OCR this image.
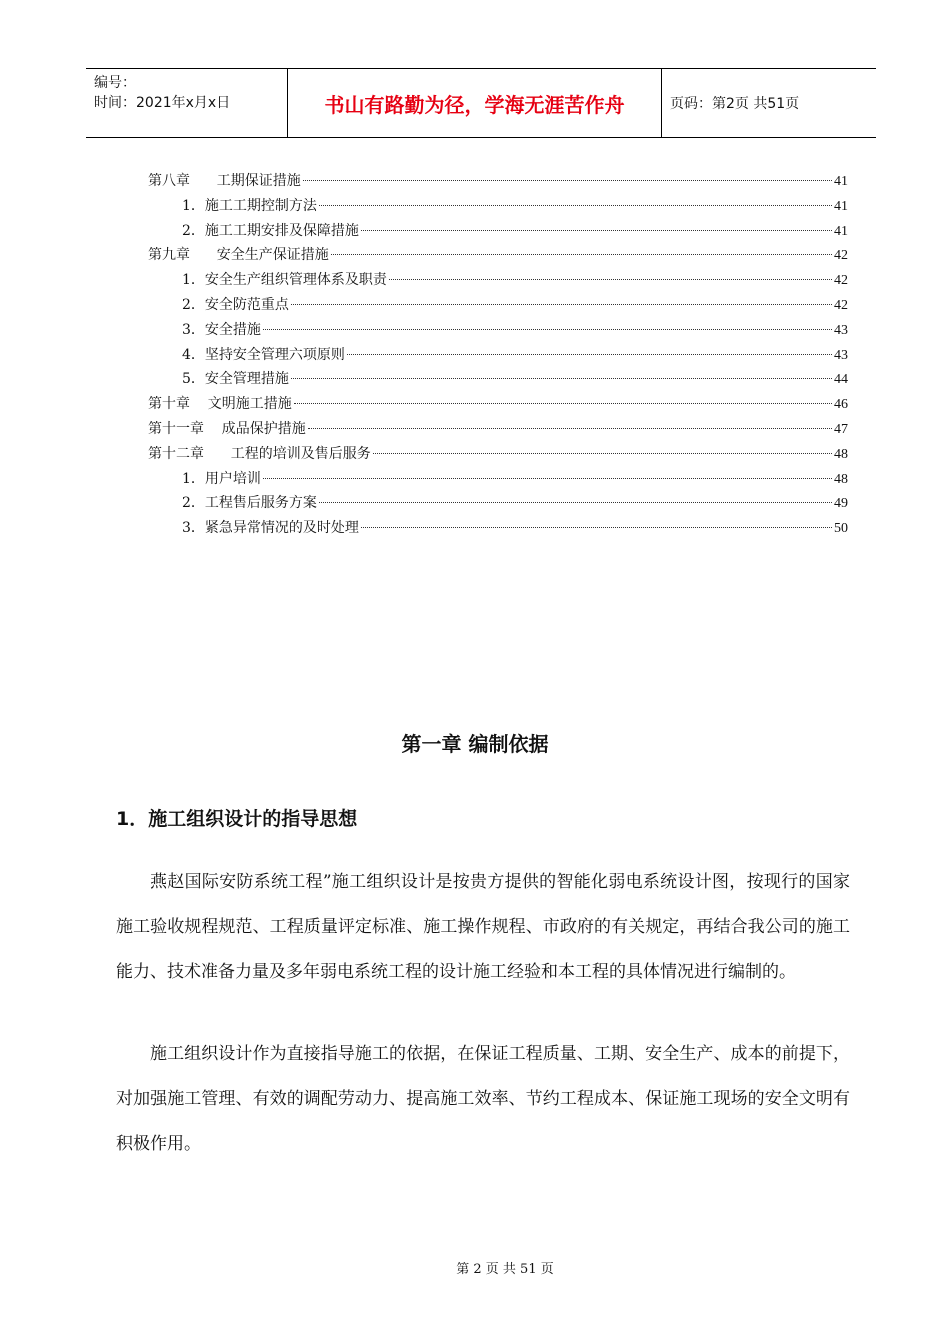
编号：
时间：2021年x月x日	书山有路勤为径，学海无涯苦作舟	页码：第2页 共51页
第八章      工期保证措施	41
1．施工工期控制方法	41
2．施工工期安排及保障措施	41
第九章      安全生产保证措施	42
1．安全生产组织管理体系及职责	42
2．安全防范重点	42
3．安全措施	43
4．坚持安全管理六项原则	43
5．安全管理措施	44
第十章    文明施工措施	46
第十一章    成品保护措施	47
第十二章      工程的培训及售后服务	48
1．用户培训	48
2．工程售后服务方案	49
3．紧急异常情况的及时处理	50
第一章 编制依据
1．施工组织设计的指导思想

燕赵国际安防系统工程”施工组织设计是按贵方提供的智能化弱电系统设计图，按现行的国家施工验收规程规范、工程质量评定标准、施工操作规程、市政府的有关规定，再结合我公司的施工能力、技术准备力量及多年弱电系统工程的设计施工经验和本工程的具体情况进行编制的。

施工组织设计作为直接指导施工的依据，在保证工程质量、工期、安全生产、成本的前提下，对加强施工管理、有效的调配劳动力、提高施工效率、节约工程成本、保证施工现场的安全文明有积极作用。

第 2 页 共 51 页
